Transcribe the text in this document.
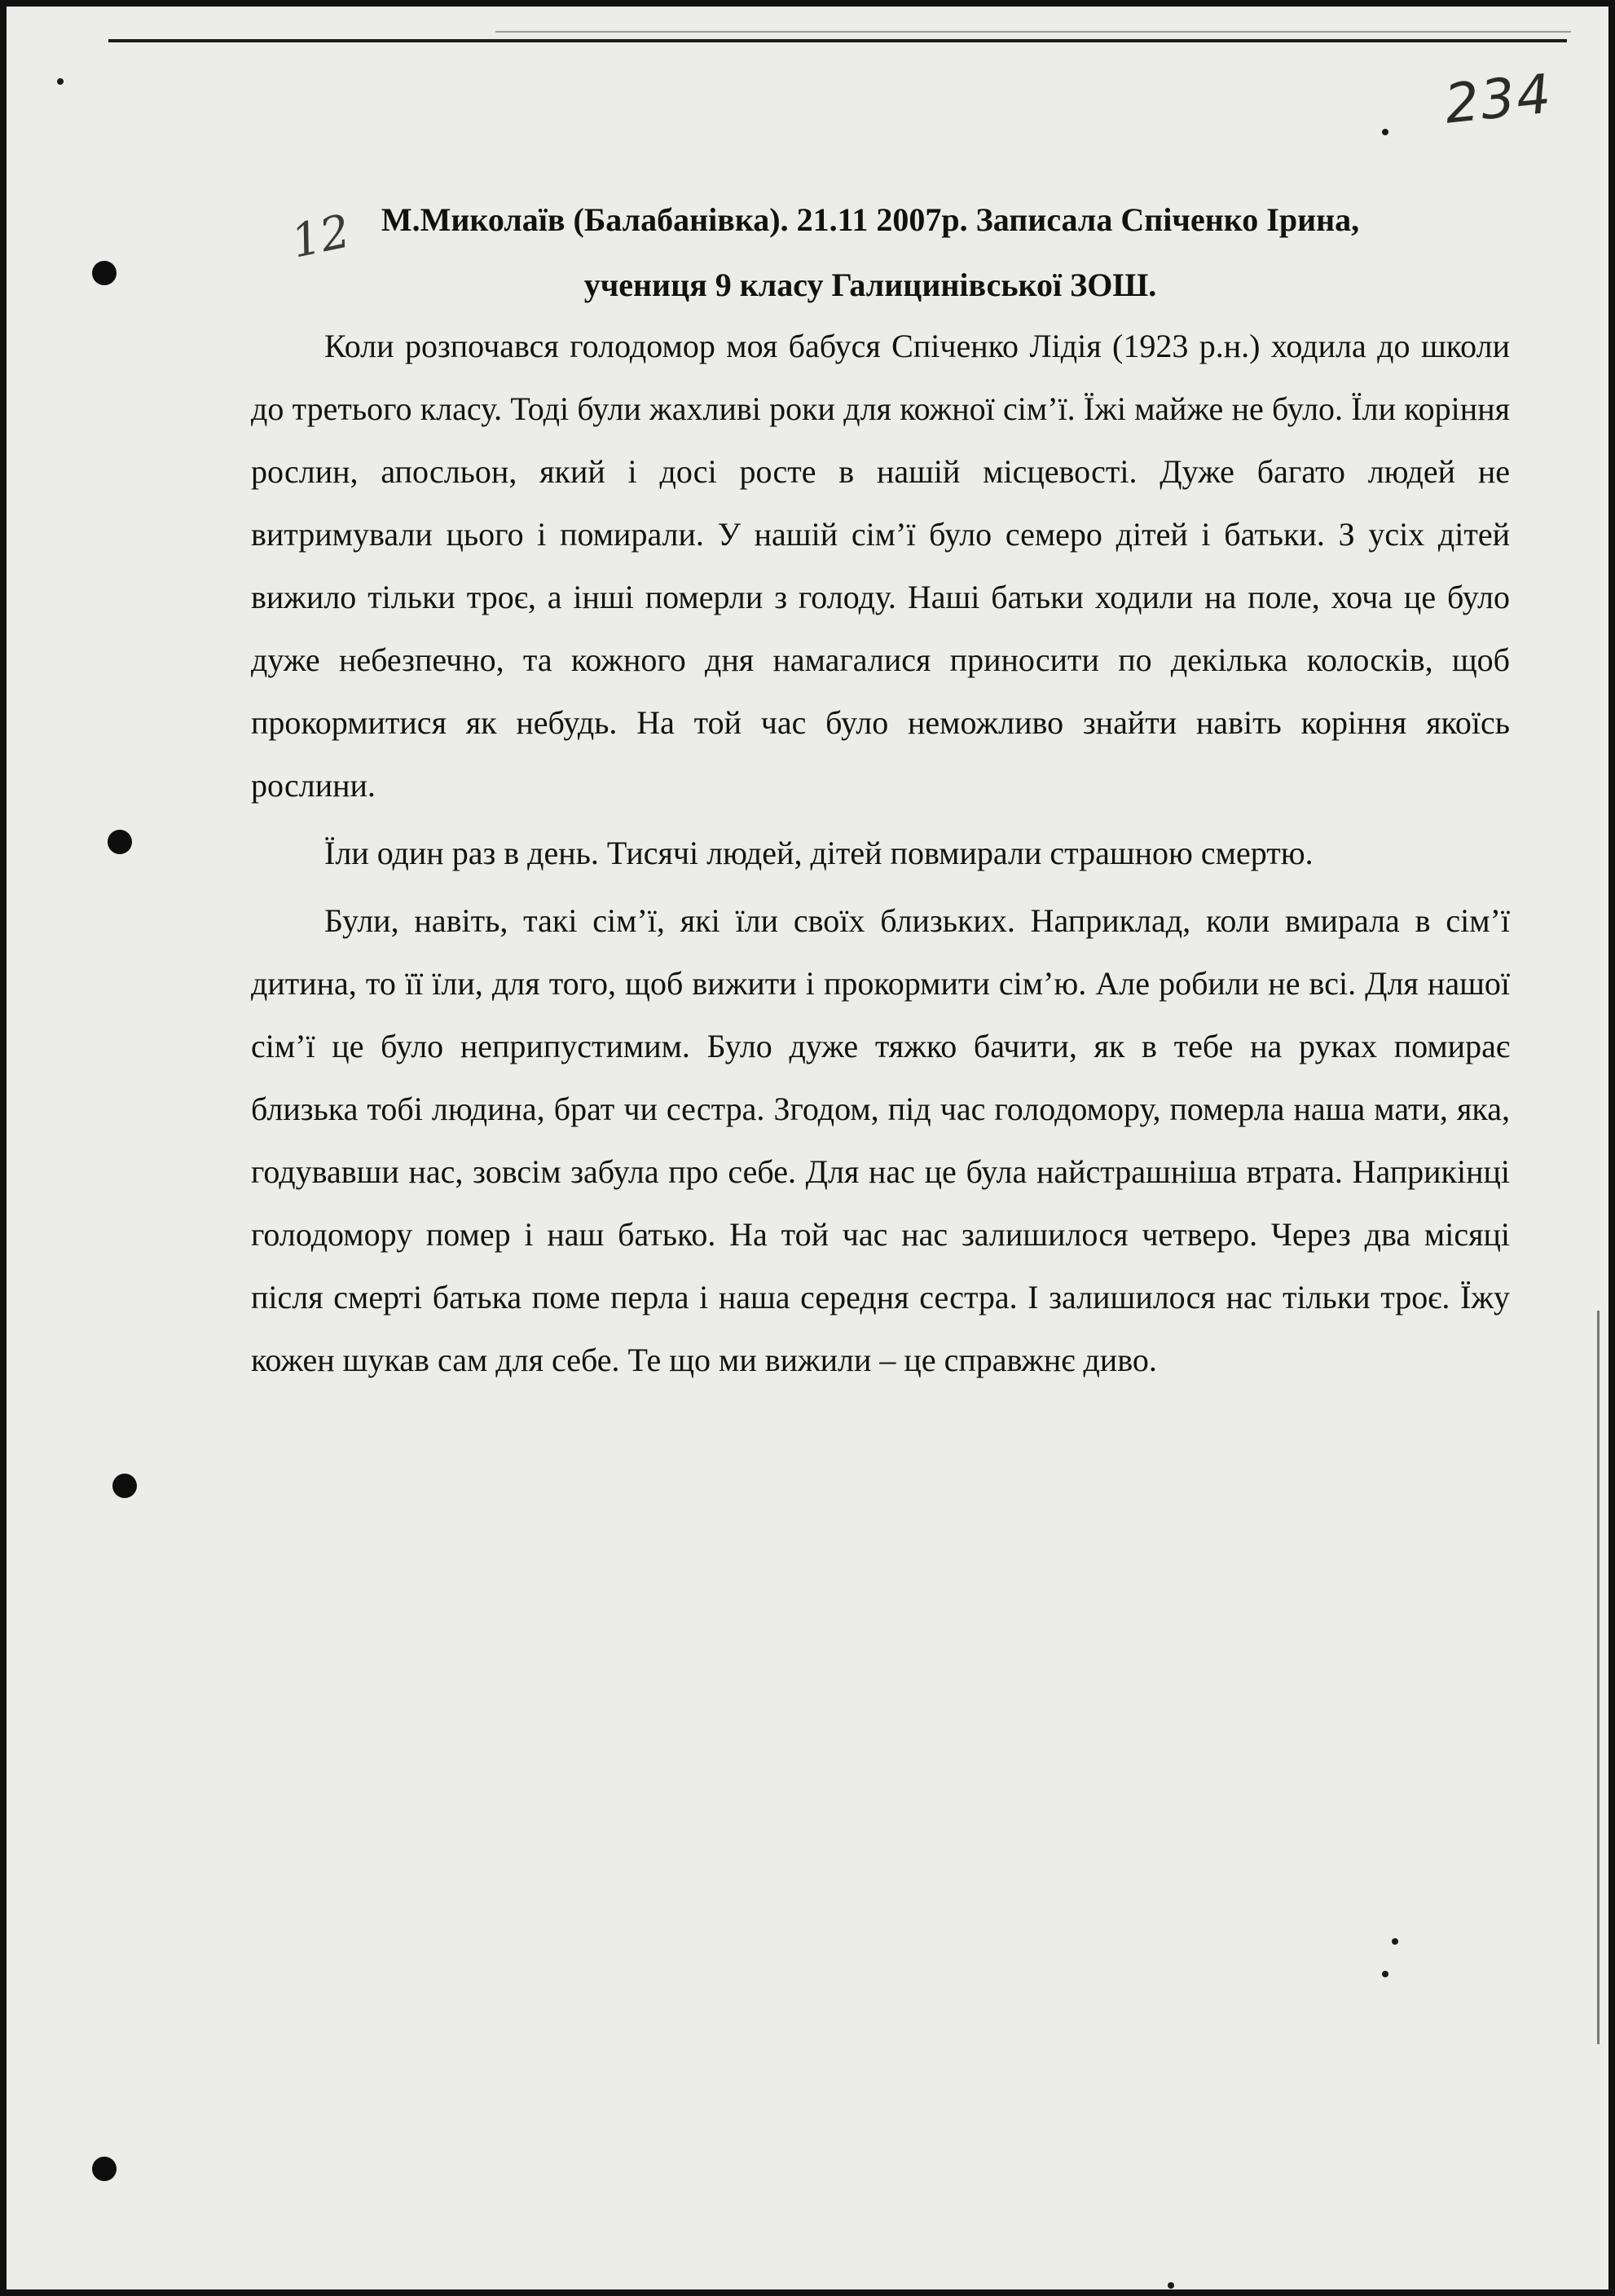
234
12 М.Миколаїв (Балабанівка). 21.11 2007р. Записала Спіченко Ірина,

учениця 9 класу Галицинівської ЗОШ.

Коли розпочався голодомор моя бабуся Спіченко Лідія (1923 р.н.) ходила до школи до третього класу. Тоді були жахливі роки для кожної сім’ї. Їжі майже не було. Їли коріння рослин, апосльон, який і досі росте в нашій місцевості. Дуже багато людей не витримували цього і помирали. У нашій сім’ї було семеро дітей і батьки. З усіх дітей вижило тільки троє, а інші померли з голоду. Наші батьки ходили на поле, хоча це було дуже небезпечно, та кожного дня намагалися приносити по декілька колосків, щоб прокормитися як небудь. На той час було неможливо знайти навіть коріння якоїсь рослини.

Їли один раз в день. Тисячі людей, дітей повмирали страшною смертю.

Були, навіть, такі сім’ї, які їли своїх близьких. Наприклад, коли вмирала в сім’ї дитина, то її їли, для того, щоб вижити і прокормити сім’ю. Але робили не всі. Для нашої сім’ї це було неприпустимим. Було дуже тяжко бачити, як в тебе на руках помирає близька тобі людина, брат чи сестра. Згодом, під час голодомору, померла наша мати, яка, годувавши нас, зовсім забула про себе. Для нас це була найстрашніша втрата. Наприкінці голодомору помер і наш батько. На той час нас залишилося четверо. Через два місяці після смерті батька поме перла і наша середня сестра. І залишилося нас тільки троє. Їжу кожен шукав сам для себе. Те що ми вижили – це справжнє диво.
